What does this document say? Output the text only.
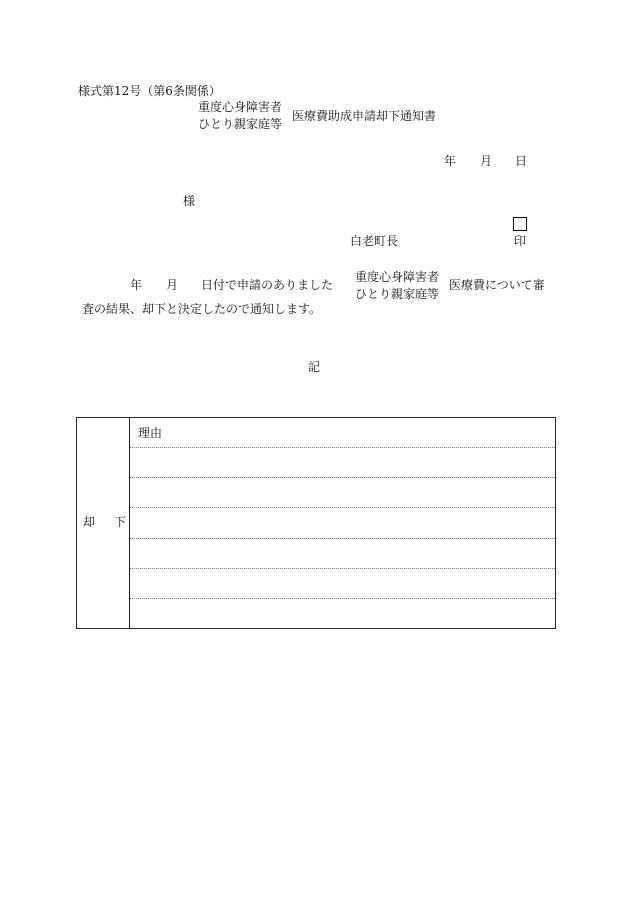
様式第12号（第6条関係）
重度心身障害者
ひとり親家庭等
医療費助成申請却下通知書
年 月 日
様
白老町長	印
年 月 日付で申請のありました
重度心身障害者
ひとり親家庭等
医療費について審
査の結果、却下と決定したので通知します。
記
却 下
理由
